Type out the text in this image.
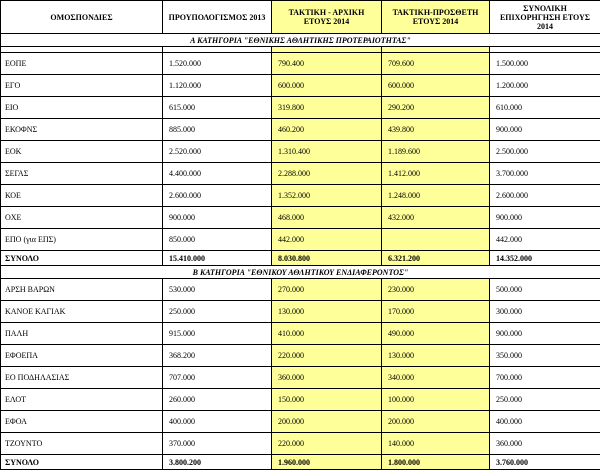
ΟΜΟΣΠΟΝΔΙΕΣ	ΠΡΟΥΠΟΛΟΓΙΣΜΟΣ 2013	ΤΑΚΤΙΚΗ - ΑΡΧΙΚΗ ΕΤΟΥΣ 2014	ΤΑΚΤΙΚΗ-ΠΡΟΣΘΕΤΗ ΕΤΟΥΣ 2014	ΣΥΝΟΛΙΚΗ ΕΠΙΧΟΡΗΓΗΣΗ ΕΤΟΥΣ 2014
Α ΚΑΤΗΓΟΡΙΑ "ΕΘΝΙΚΗΣ ΑΘΛΗΤΙΚΗΣ ΠΡΟΤΕΡΑΙΟΤΗΤΑΣ"				

ΕΟΠΕ	1.520.000	790.400	709.600	1.500.000
ΕΓΟ	1.120.000	600.000	600.000	1.200.000
ΕΙΟ	615.000	319.800	290.200	610.000
ΕΚΟΦΝΣ	885.000	460.200	439.800	900.000
ΕΟΚ	2.520.000	1.310.400	1.189.600	2.500.000
ΣΕΓΑΣ	4.400.000	2.288.000	1.412.000	3.700.000
ΚΟΕ	2.600.000	1.352.000	1.248.000	2.600.000
ΟΧΕ	900.000	468.000	432.000	900.000
ΕΠΟ (για ΕΠΣ)	850.000	442.000		442.000
ΣΥΝΟΛΟ	15.410.000	8.030.800	6.321.200	14.352.000
Β ΚΑΤΗΓΟΡΙΑ "ΕΘΝΙΚΟΥ ΑΘΛΗΤΙΚΟΥ ΕΝΔΙΑΦΕΡΟΝΤΟΣ"				
ΑΡΣΗ ΒΑΡΩΝ	530.000	270.000	230.000	500.000
ΚΑΝΟΕ ΚΑΓΙΑΚ	250.000	130.000	170.000	300.000
ΠΑΛΗ	915.000	410.000	490.000	900.000
ΕΦΟΕΠΑ	368.200	220.000	130.000	350.000
ΕΟ ΠΟΔΗΛΑΣΙΑΣ	707.000	360.000	340.000	700.000
ΕΛΟΤ	260.000	150.000	100.000	250.000
ΕΦΟΑ	400.000	200.000	200.000	400.000
ΤΖΟΥΝΤΟ	370.000	220.000	140.000	360.000
ΣΥΝΟΛΟ	3.800.200	1.960.000	1.800.000	3.760.000
